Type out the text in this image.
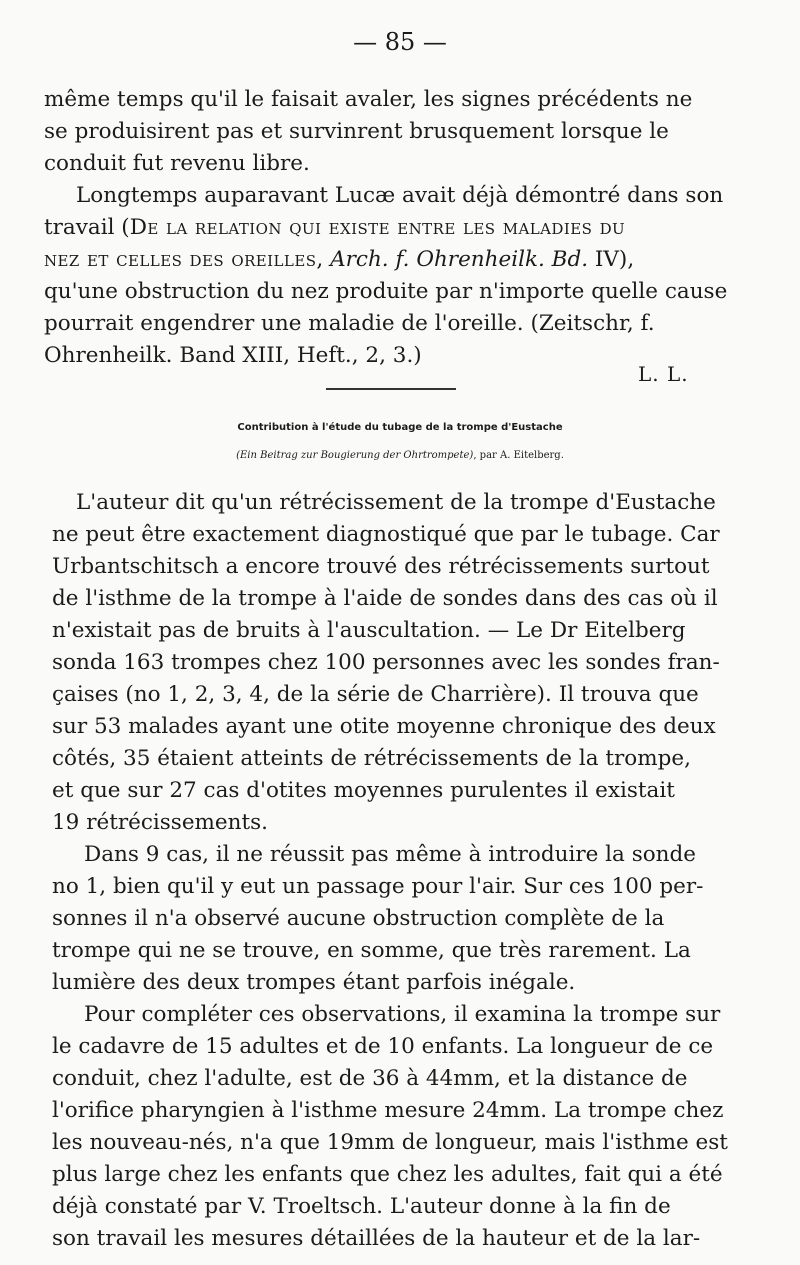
— 85 —
même temps qu'il le faisait avaler, les signes précédents ne
se produisirent pas et survinrent brusquement lorsque le
conduit fut revenu libre.
Longtemps auparavant Lucæ avait déjà démontré dans son
travail (De la relation qui existe entre les maladies du
nez et celles des oreilles, Arch. f. Ohrenheilk. Bd. IV),
qu'une obstruction du nez produite par n'importe quelle cause
pourrait engendrer une maladie de l'oreille. (Zeitschr, f.
Ohrenheilk. Band XIII, Heft., 2, 3.)
L. L.
Contribution à l'étude du tubage de la trompe d'Eustache
(Ein Beitrag zur Bougierung der Ohrtrompete), par A. Eitelberg.
L'auteur dit qu'un rétrécissement de la trompe d'Eustache
ne peut être exactement diagnostiqué que par le tubage. Car
Urbantschitsch a encore trouvé des rétrécissements surtout
de l'isthme de la trompe à l'aide de sondes dans des cas où il
n'existait pas de bruits à l'auscultation. — Le Dr Eitelberg
sonda 163 trompes chez 100 personnes avec les sondes fran-
çaises (no 1, 2, 3, 4, de la série de Charrière). Il trouva que
sur 53 malades ayant une otite moyenne chronique des deux
côtés, 35 étaient atteints de rétrécissements de la trompe,
et que sur 27 cas d'otites moyennes purulentes il existait
19 rétrécissements.
Dans 9 cas, il ne réussit pas même à introduire la sonde
no 1, bien qu'il y eut un passage pour l'air. Sur ces 100 per-
sonnes il n'a observé aucune obstruction complète de la
trompe qui ne se trouve, en somme, que très rarement. La
lumière des deux trompes étant parfois inégale.
Pour compléter ces observations, il examina la trompe sur
le cadavre de 15 adultes et de 10 enfants. La longueur de ce
conduit, chez l'adulte, est de 36 à 44mm, et la distance de
l'orifice pharyngien à l'isthme mesure 24mm. La trompe chez
les nouveau-nés, n'a que 19mm de longueur, mais l'isthme est
plus large chez les enfants que chez les adultes, fait qui a été
déjà constaté par V. Troeltsch. L'auteur donne à la fin de
son travail les mesures détaillées de la hauteur et de la lar-
